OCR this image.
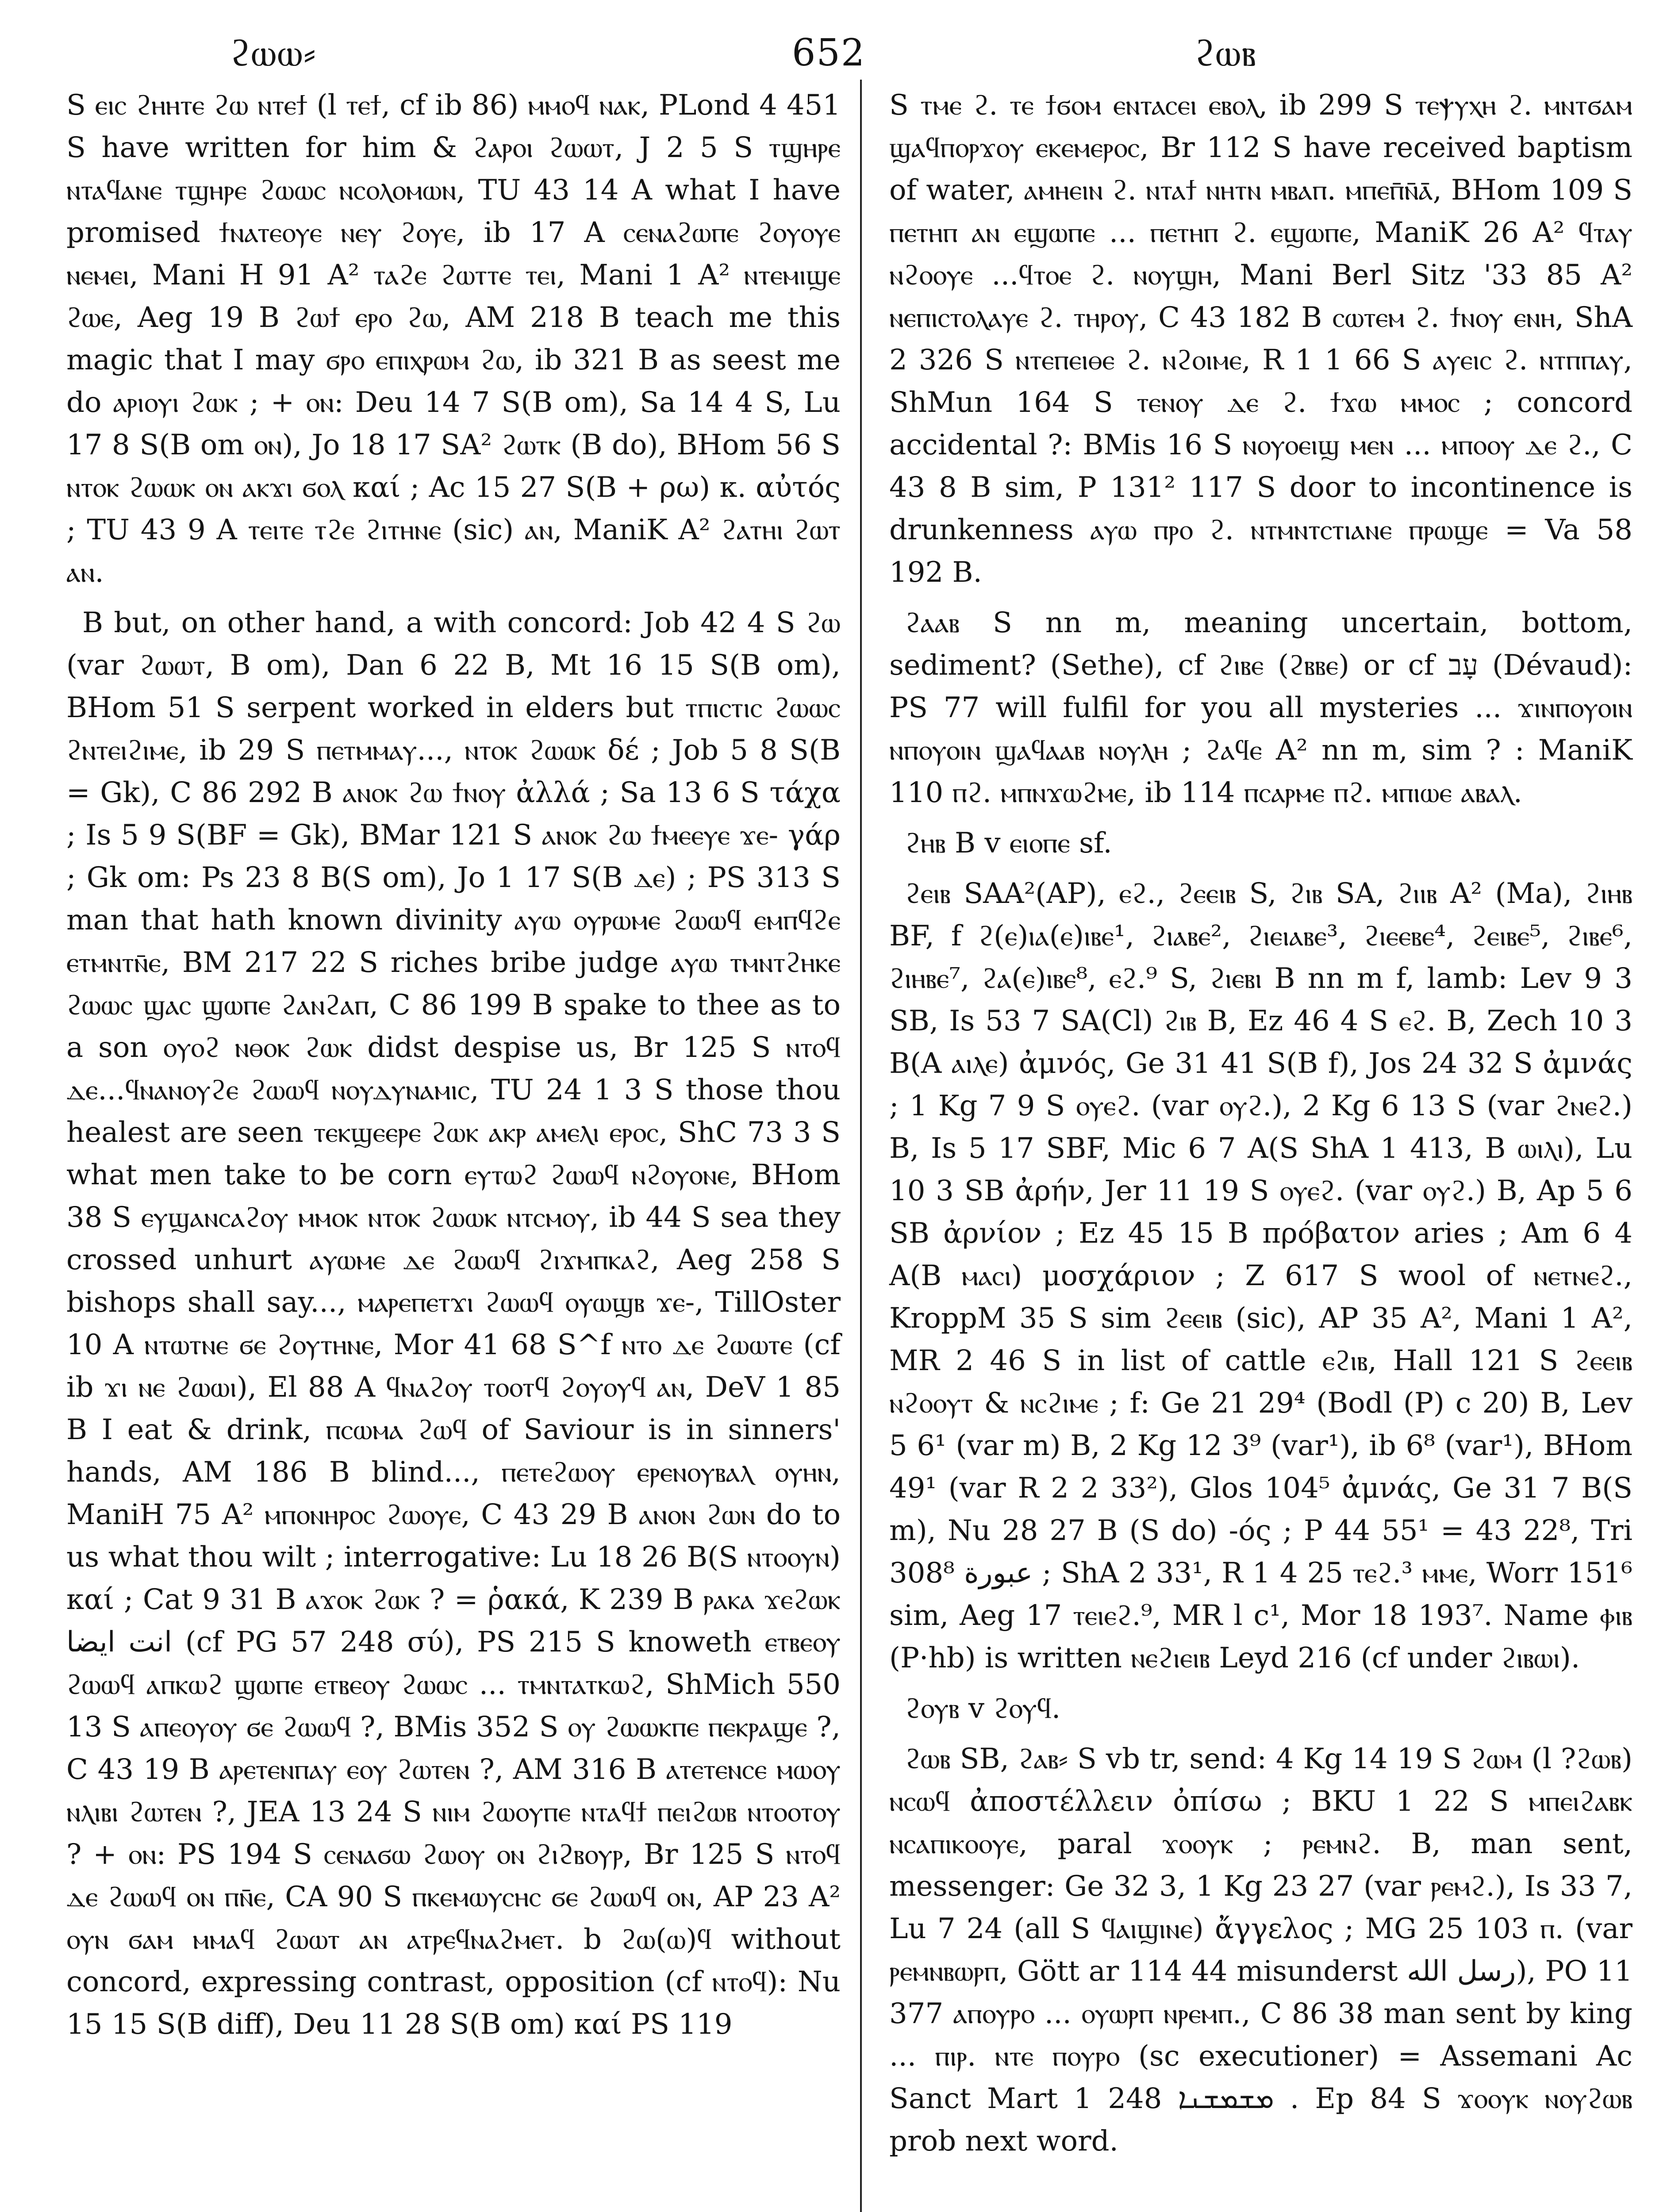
ϩⲱⲱ⸗	652	ϩⲱⲃ

S ⲉⲓⲥ ϩⲏⲏⲧⲉ ϩⲱ ⲛⲧⲉϯ (l ⲧⲉϯ, cf ib 86) ⲙⲙⲟϥ ⲛⲁⲕ, PLond 4 451 S have written for him & ϩⲁⲣⲟⲓ ϩⲱⲱⲧ, J 2 5 S ⲧϣⲏⲣⲉ ⲛⲧⲁϥⲁⲛⲉ ⲧϣⲏⲣⲉ ϩⲱⲱⲥ ⲛⲥⲟⲗⲟⲙⲱⲛ, TU 43 14 A what I have promised ϯⲛⲁⲧⲉⲟⲩⲉ ⲛⲉⲩ ϩⲟⲩⲉ, ib 17 A ⲥⲉⲛⲁϩⲱⲡⲉ ϩⲟⲩⲟⲩⲉ ⲛⲉⲙⲉⲓ, Mani H 91 A² ⲧⲁϩⲉ ϩⲱⲧⲧⲉ ⲧⲉⲓ, Mani 1 A² ⲛⲧⲉⲙⲓϣⲉ ϩⲱⲉ, Aeg 19 B ϩⲱϯ ⲉⲣⲟ ϩⲱ, AM 218 B teach me this magic that I may ϭⲣⲟ ⲉⲡⲓⲭⲣⲱⲙ ϩⲱ, ib 321 B as seest me do ⲁⲣⲓⲟⲩⲓ ϩⲱⲕ ; + ⲟⲛ: Deu 14 7 S(B om), Sa 14 4 S, Lu 17 8 S(B om ⲟⲛ), Jo 18 17 SA² ϩⲱⲧⲕ (B do), BHom 56 S ⲛⲧⲟⲕ ϩⲱⲱⲕ ⲟⲛ ⲁⲕϫⲓ ϭⲟⲗ καί ; Ac 15 27 S(B + ρω) κ. αὐτός ; TU 43 9 A ⲧⲉⲓⲧⲉ ⲧϩⲉ ϩⲓⲧⲏⲛⲉ (sic) ⲁⲛ, ManiK A² ϩⲁⲧⲏⲓ ϩⲱⲧ ⲁⲛ.

B but, on other hand, a with concord: Job 42 4 S ϩⲱ (var ϩⲱⲱⲧ, B om), Dan 6 22 B, Mt 16 15 S(B om), BHom 51 S serpent worked in elders but ⲧⲡⲓⲥⲧⲓⲥ ϩⲱⲱⲥ ϩⲛⲧⲉⲓϩⲓⲙⲉ, ib 29 S ⲡⲉⲧⲙⲙⲁⲩ..., ⲛⲧⲟⲕ ϩⲱⲱⲕ δέ ; Job 5 8 S(B = Gk), C 86 292 B ⲁⲛⲟⲕ ϩⲱ ϯⲛⲟⲩ ἀλλά ; Sa 13 6 S τάχα ; Is 5 9 S(BF = Gk), BMar 121 S ⲁⲛⲟⲕ ϩⲱ ϯⲙⲉⲉⲩⲉ ϫⲉ- γάρ ; Gk om: Ps 23 8 B(S om), Jo 1 17 S(B ⲇⲉ) ; PS 313 S man that hath known divinity ⲁⲩⲱ ⲟⲩⲣⲱⲙⲉ ϩⲱⲱϥ ⲉⲙⲡϥϩⲉ ⲉⲧⲙⲛⲧⲛ̄ⲉ, BM 217 22 S riches bribe judge ⲁⲩⲱ ⲧⲙⲛⲧϩⲏⲕⲉ ϩⲱⲱⲥ ϣⲁⲥ ϣⲱⲡⲉ ϩⲁⲛϩⲁⲡ, C 86 199 B spake to thee as to a son ⲟⲩⲟϩ ⲛⲑⲟⲕ ϩⲱⲕ didst despise us, Br 125 S ⲛⲧⲟϥ ⲇⲉ...ϥⲛⲁⲛⲟⲩϩⲉ ϩⲱⲱϥ ⲛⲟⲩⲇⲩⲛⲁⲙⲓⲥ, TU 24 1 3 S those thou healest are seen ⲧⲉⲕϣⲉⲉⲣⲉ ϩⲱⲕ ⲁⲕⲣ ⲁⲙⲉⲗⲓ ⲉⲣⲟⲥ, ShC 73 3 S what men take to be corn ⲉⲩⲧⲱϩ ϩⲱⲱϥ ⲛϩⲟⲩⲟⲛⲉ, BHom 38 S ⲉⲩϣⲁⲛⲥⲁϩⲟⲩ ⲙⲙⲟⲕ ⲛⲧⲟⲕ ϩⲱⲱⲕ ⲛⲧⲥⲙⲟⲩ, ib 44 S sea they crossed unhurt ⲁⲩⲱⲙⲉ ⲇⲉ ϩⲱⲱϥ ϩⲓϫⲙⲡⲕⲁϩ, Aeg 258 S bishops shall say..., ⲙⲁⲣⲉⲡⲉⲧϫⲓ ϩⲱⲱϥ ⲟⲩⲱϣⲃ ϫⲉ-, TillOster 10 A ⲛⲧⲱⲧⲛⲉ ϭⲉ ϩⲟⲩⲧⲏⲛⲉ, Mor 41 68 S^f ⲛⲧⲟ ⲇⲉ ϩⲱⲱⲧⲉ (cf ib ϫⲓ ⲛⲉ ϩⲱⲱⲓ), El 88 A ϥⲛⲁϩⲟⲩ ⲧⲟⲟⲧϥ ϩⲟⲩⲟⲩϥ ⲁⲛ, DeV 1 85 B I eat & drink, ⲡⲥⲱⲙⲁ ϩⲱϥ of Saviour is in sinners' hands, AM 186 B blind..., ⲡⲉⲧⲉϩⲱⲟⲩ ⲉⲣⲉⲛⲟⲩⲃⲁⲗ ⲟⲩⲏⲛ, ManiH 75 A² ⲙⲡⲟⲛⲏⲣⲟⲥ ϩⲱⲟⲩⲉ, C 43 29 B ⲁⲛⲟⲛ ϩⲱⲛ do to us what thou wilt ; interrogative: Lu 18 26 B(S ⲛⲧⲟⲟⲩⲛ) καί ; Cat 9 31 B ⲁϫⲟⲕ ϩⲱⲕ ? = ῥακά, K 239 B ⲣⲁⲕⲁ ϫⲉϩⲱⲕ انت ايضا (cf PG 57 248 σύ), PS 215 S knoweth ⲉⲧⲃⲉⲟⲩ ϩⲱⲱϥ ⲁⲡⲕⲱϩ ϣⲱⲡⲉ ⲉⲧⲃⲉⲟⲩ ϩⲱⲱⲥ ... ⲧⲙⲛⲧⲁⲧⲕⲱϩ, ShMich 550 13 S ⲁⲡⲉⲟⲩⲟⲩ ϭⲉ ϩⲱⲱϥ ?, BMis 352 S ⲟⲩ ϩⲱⲱⲕⲡⲉ ⲡⲉⲕⲣⲁϣⲉ ?, C 43 19 B ⲁⲣⲉⲧⲉⲛⲡⲁⲩ ⲉⲟⲩ ϩⲱⲧⲉⲛ ?, AM 316 B ⲁⲧⲉⲧⲉⲛⲥⲉ ⲙⲱⲟⲩ ⲛⲗⲓⲃⲓ ϩⲱⲧⲉⲛ ?, JEA 13 24 S ⲛⲓⲙ ϩⲱⲟⲩⲡⲉ ⲛⲧⲁϥϯ ⲡⲉⲓϩⲱⲃ ⲛⲧⲟⲟⲧⲟⲩ ? + ⲟⲛ: PS 194 S ⲥⲉⲛⲁϭⲱ ϩⲱⲟⲩ ⲟⲛ ϩⲓϩⲃⲟⲩⲣ, Br 125 S ⲛⲧⲟϥ ⲇⲉ ϩⲱⲱϥ ⲟⲛ ⲡⲛ̄ⲉ, CA 90 S ⲡⲕⲉⲙⲱⲩⲥⲏⲥ ϭⲉ ϩⲱⲱϥ ⲟⲛ, AP 23 A² ⲟⲩⲛ ϭⲁⲙ ⲙⲙⲁϥ ϩⲱⲱⲧ ⲁⲛ ⲁⲧⲣⲉϥⲛⲁϩⲙⲉⲧ. b ϩⲱ(ⲱ)ϥ without concord, expressing contrast, opposition (cf ⲛⲧⲟϥ): Nu 15 15 S(B diff), Deu 11 28 S(B om) καί PS 119

S ⲧⲙⲉ ϩ. ⲧⲉ ϯϭⲟⲙ ⲉⲛⲧⲁⲥⲉⲓ ⲉⲃⲟⲗ, ib 299 S ⲧⲉⲯⲩⲭⲏ ϩ. ⲙⲛⲧϭⲁⲙ ϣⲁϥⲡⲟⲣϫⲟⲩ ⲉⲕⲉⲙⲉⲣⲟⲥ, Br 112 S have received baptism of water, ⲁⲙⲏⲉⲓⲛ ϩ. ⲛⲧⲁϯ ⲛⲏⲧⲛ ⲙⲃⲁⲡ. ⲙⲡⲉⲡ̄ⲛ̄ⲁ̄, BHom 109 S ⲡⲉⲧⲏⲡ ⲁⲛ ⲉϣⲱⲡⲉ ... ⲡⲉⲧⲏⲡ ϩ. ⲉϣⲱⲡⲉ, ManiK 26 A² ϥⲧⲁⲩ ⲛϩⲟⲟⲩⲉ ...ϥⲧⲟⲉ ϩ. ⲛⲟⲩϣⲏ, Mani Berl Sitz '33 85 A² ⲛⲉⲡⲓⲥⲧⲟⲗⲁⲩⲉ ϩ. ⲧⲏⲣⲟⲩ, C 43 182 B ⲥⲱⲧⲉⲙ ϩ. ϯⲛⲟⲩ ⲉⲛⲏ, ShA 2 326 S ⲛⲧⲉⲡⲉⲓⲑⲉ ϩ. ⲛϩⲟⲓⲙⲉ, R 1 1 66 S ⲁⲩⲉⲓⲥ ϩ. ⲛⲧⲡⲡⲁⲩ, ShMun 164 S ⲧⲉⲛⲟⲩ ⲇⲉ ϩ. ϯϫⲱ ⲙⲙⲟⲥ ; concord accidental ?: BMis 16 S ⲛⲟⲩⲟⲉⲓϣ ⲙⲉⲛ ... ⲙⲡⲟⲟⲩ ⲇⲉ ϩ., C 43 8 B sim, P 131² 117 S door to incontinence is drunkenness ⲁⲩⲱ ⲡⲣⲟ ϩ. ⲛⲧⲙⲛⲧⲥⲧⲓⲁⲛⲉ ⲡⲣⲱϣⲉ = Va 58 192 B.

ϩⲁⲁⲃ S nn m, meaning uncertain, bottom, sediment? (Sethe), cf ϩⲓⲃⲉ (ϩⲃⲃⲉ) or cf עָב (Dévaud): PS 77 will fulfil for you all mysteries ... ϫⲓⲛⲡⲟⲩⲟⲓⲛ ⲛⲡⲟⲩⲟⲓⲛ ϣⲁϥⲁⲁⲃ ⲛⲟⲩⲗⲏ ; ϩⲁϥⲉ A² nn m, sim ? : ManiK 110 ⲡϩ. ⲙⲡⲛϫⲱϩⲙⲉ, ib 114 ⲡⲥⲁⲣⲙⲉ ⲡϩ. ⲙⲡⲓⲱⲉ ⲁⲃⲁⲗ.

ϩⲏⲃ B v ⲉⲓⲟⲡⲉ sf.

ϩⲉⲓⲃ SAA²(AP), ⲉϩ., ϩⲉⲉⲓⲃ S, ϩⲓⲃ SA, ϩⲓⲓⲃ A² (Ma), ϩⲓⲏⲃ BF, f ϩ(ⲉ)ⲓⲁ(ⲉ)ⲓⲃⲉ¹, ϩⲓⲁⲃⲉ², ϩⲓⲉⲓⲁⲃⲉ³, ϩⲓⲉⲉⲃⲉ⁴, ϩⲉⲓⲃⲉ⁵, ϩⲓⲃⲉ⁶, ϩⲓⲏⲃⲉ⁷, ϩⲁ(ⲉ)ⲓⲃⲉ⁸, ⲉϩ.⁹ S, ϩⲓⲉⲃⲓ B nn m f, lamb: Lev 9 3 SB, Is 53 7 SA(Cl) ϩⲓⲃ B, Ez 46 4 S ⲉϩ. B, Zech 10 3 B(A ⲁⲓⲗⲉ) ἀμνός, Ge 31 41 S(B f), Jos 24 32 S ἀμνάς ; 1 Kg 7 9 S ⲟⲩⲉϩ. (var ⲟⲩϩ.), 2 Kg 6 13 S (var ϩⲛⲉϩ.) B, Is 5 17 SBF, Mic 6 7 A(S ShA 1 413, B ⲱⲓⲗⲓ), Lu 10 3 SB ἀρήν, Jer 11 19 S ⲟⲩⲉϩ. (var ⲟⲩϩ.) B, Ap 5 6 SB ἀρνίον ; Ez 45 15 B πρόβατον aries ; Am 6 4 A(B ⲙⲁⲥⲓ) μοσχάριον ; Z 617 S wool of ⲛⲉⲧⲛⲉϩ., KroppM 35 S sim ϩⲉⲉⲓⲃ (sic), AP 35 A², Mani 1 A², MR 2 46 S in list of cattle ⲉϩⲓⲃ, Hall 121 S ϩⲉⲉⲓⲃ ⲛϩⲟⲟⲩⲧ & ⲛⲥϩⲓⲙⲉ ; f: Ge 21 29⁴ (Bodl (P) c 20) B, Lev 5 6¹ (var m) B, 2 Kg 12 3⁹ (var¹), ib 6⁸ (var¹), BHom 49¹ (var R 2 2 33²), Glos 104⁵ ἀμνάς, Ge 31 7 B(S m), Nu 28 27 B (S do) -ός ; P 44 55¹ = 43 22⁸, Tri 308⁸ عبورة ; ShA 2 33¹, R 1 4 25 ⲧⲉϩ.³ ⲙⲙⲉ, Worr 151⁶ sim, Aeg 17 ⲧⲉⲓⲉϩ.⁹, MR l c¹, Mor 18 193⁷. Name ⲫⲓⲃ (P·hb) is written ⲛⲉϩⲓⲉⲓⲃ Leyd 216 (cf under ϩⲓⲃⲱⲓ).

ϩⲟⲩⲃ v ϩⲟⲩϥ.

ϩⲱⲃ SB, ϩⲁⲃ⸗ S vb tr, send: 4 Kg 14 19 S ϩⲱⲙ (l ?ϩⲱⲃ) ⲛⲥⲱϥ ἀποστέλλειν ὀπίσω ; BKU 1 22 S ⲙⲡⲉⲓϩⲁⲃⲕ ⲛⲥⲁⲡⲓⲕⲟⲟⲩⲉ, paral ϫⲟⲟⲩⲕ ; ⲣⲉⲙⲛϩ. B, man sent, messenger: Ge 32 3, 1 Kg 23 27 (var ⲣⲉⲙϩ.), Is 33 7, Lu 7 24 (all S ϥⲁⲓϣⲓⲛⲉ) ἄγγελος ; MG 25 103 ⲡ. (var ⲣⲉⲙⲛⲃⲱⲣⲡ, Gött ar 114 44 misunderst رسل الله), PO 11 377 ⲁⲡⲟⲩⲣⲟ ... ⲟⲩⲱⲣⲡ ⲛⲣⲉⲙⲡ., C 86 38 man sent by king ... ⲡⲓⲣ. ⲛⲧⲉ ⲡⲟⲩⲣⲟ (sc executioner) = Assemani Ac Sanct Mart 1 248 ܡܫܡܫܢܐ . Ep 84 S ϫⲟⲟⲩⲕ ⲛⲟⲩϩⲱⲃ prob next word.
